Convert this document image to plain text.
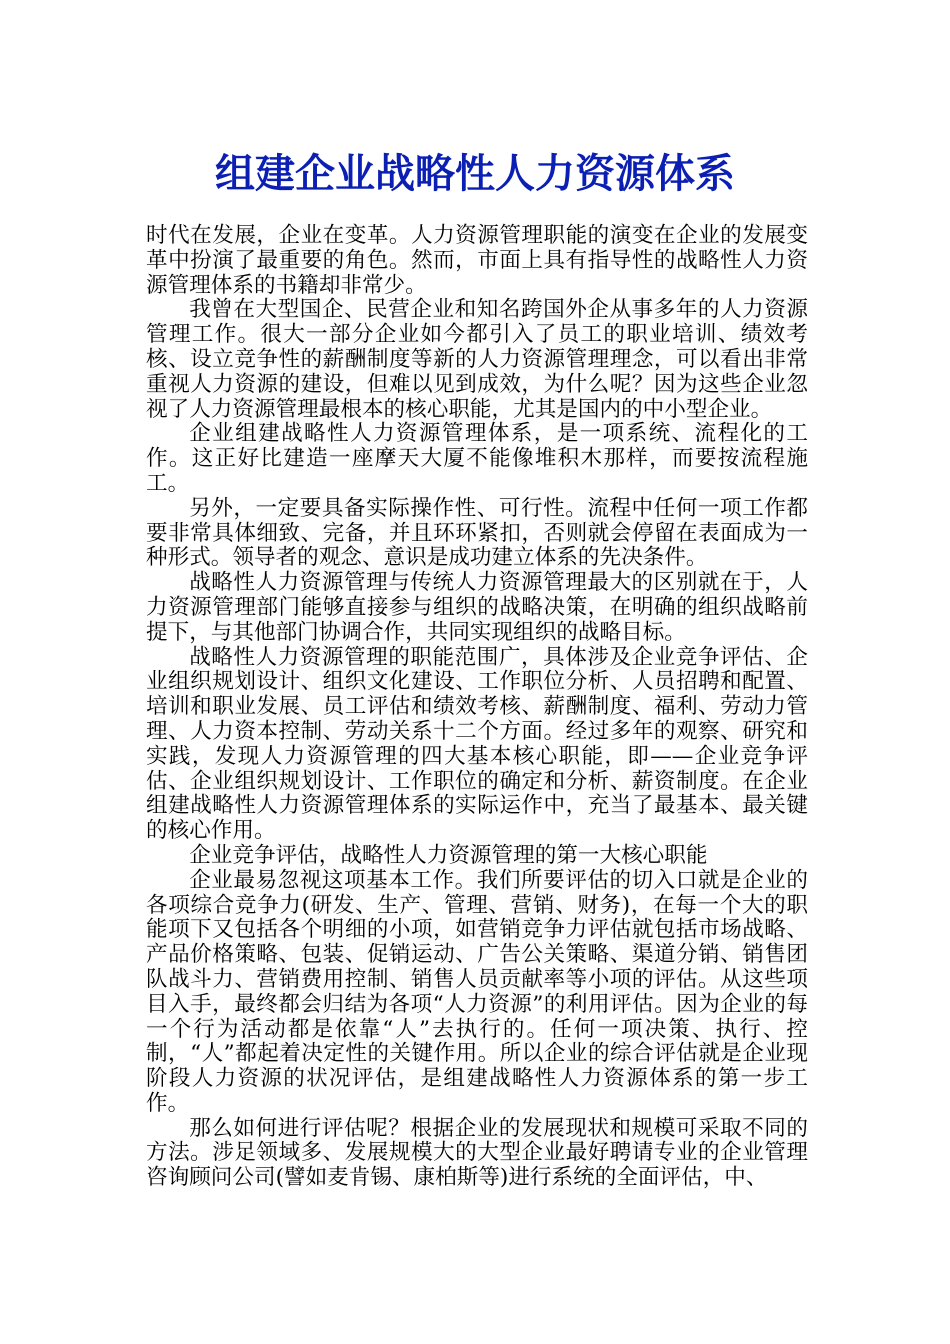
组建企业战略性人力资源体系

时代在发展，企业在变革。人力资源管理职能的演变在企业的发展变革中扮演了最重要的角色。然而，市面上具有指导性的战略性人力资源管理体系的书籍却非常少。

我曾在大型国企、民营企业和知名跨国外企从事多年的人力资源管理工作。很大一部分企业如今都引入了员工的职业培训、绩效考核、设立竞争性的薪酬制度等新的人力资源管理理念，可以看出非常重视人力资源的建设，但难以见到成效，为什么呢？因为这些企业忽视了人力资源管理最根本的核心职能，尤其是国内的中小型企业。

企业组建战略性人力资源管理体系，是一项系统、流程化的工作。这正好比建造一座摩天大厦不能像堆积木那样，而要按流程施工。

另外，一定要具备实际操作性、可行性。流程中任何一项工作都要非常具体细致、完备，并且环环紧扣，否则就会停留在表面成为一种形式。领导者的观念、意识是成功建立体系的先决条件。

战略性人力资源管理与传统人力资源管理最大的区别就在于，人力资源管理部门能够直接参与组织的战略决策，在明确的组织战略前提下，与其他部门协调合作，共同实现组织的战略目标。

战略性人力资源管理的职能范围广，具体涉及企业竞争评估、企业组织规划设计、组织文化建设、工作职位分析、人员招聘和配置、培训和职业发展、员工评估和绩效考核、薪酬制度、福利、劳动力管理、人力资本控制、劳动关系十二个方面。经过多年的观察、研究和实践，发现人力资源管理的四大基本核心职能，即——企业竞争评估、企业组织规划设计、工作职位的确定和分析、薪资制度。在企业组建战略性人力资源管理体系的实际运作中，充当了最基本、最关键的核心作用。

企业竞争评估，战略性人力资源管理的第一大核心职能

企业最易忽视这项基本工作。我们所要评估的切入口就是企业的各项综合竞争力(研发、生产、管理、营销、财务)，在每一个大的职能项下又包括各个明细的小项，如营销竞争力评估就包括市场战略、产品价格策略、包装、促销运动、广告公关策略、渠道分销、销售团队战斗力、营销费用控制、销售人员贡献率等小项的评估。从这些项目入手，最终都会归结为各项“人力资源”的利用评估。因为企业的每一个行为活动都是依靠“人”去执行的。任何一项决策、执行、控制，“人”都起着决定性的关键作用。所以企业的综合评估就是企业现阶段人力资源的状况评估，是组建战略性人力资源体系的第一步工作。

那么如何进行评估呢？根据企业的发展现状和规模可采取不同的方法。涉足领域多、发展规模大的大型企业最好聘请专业的企业管理咨询顾问公司(譬如麦肯锡、康柏斯等)进行系统的全面评估，中、
